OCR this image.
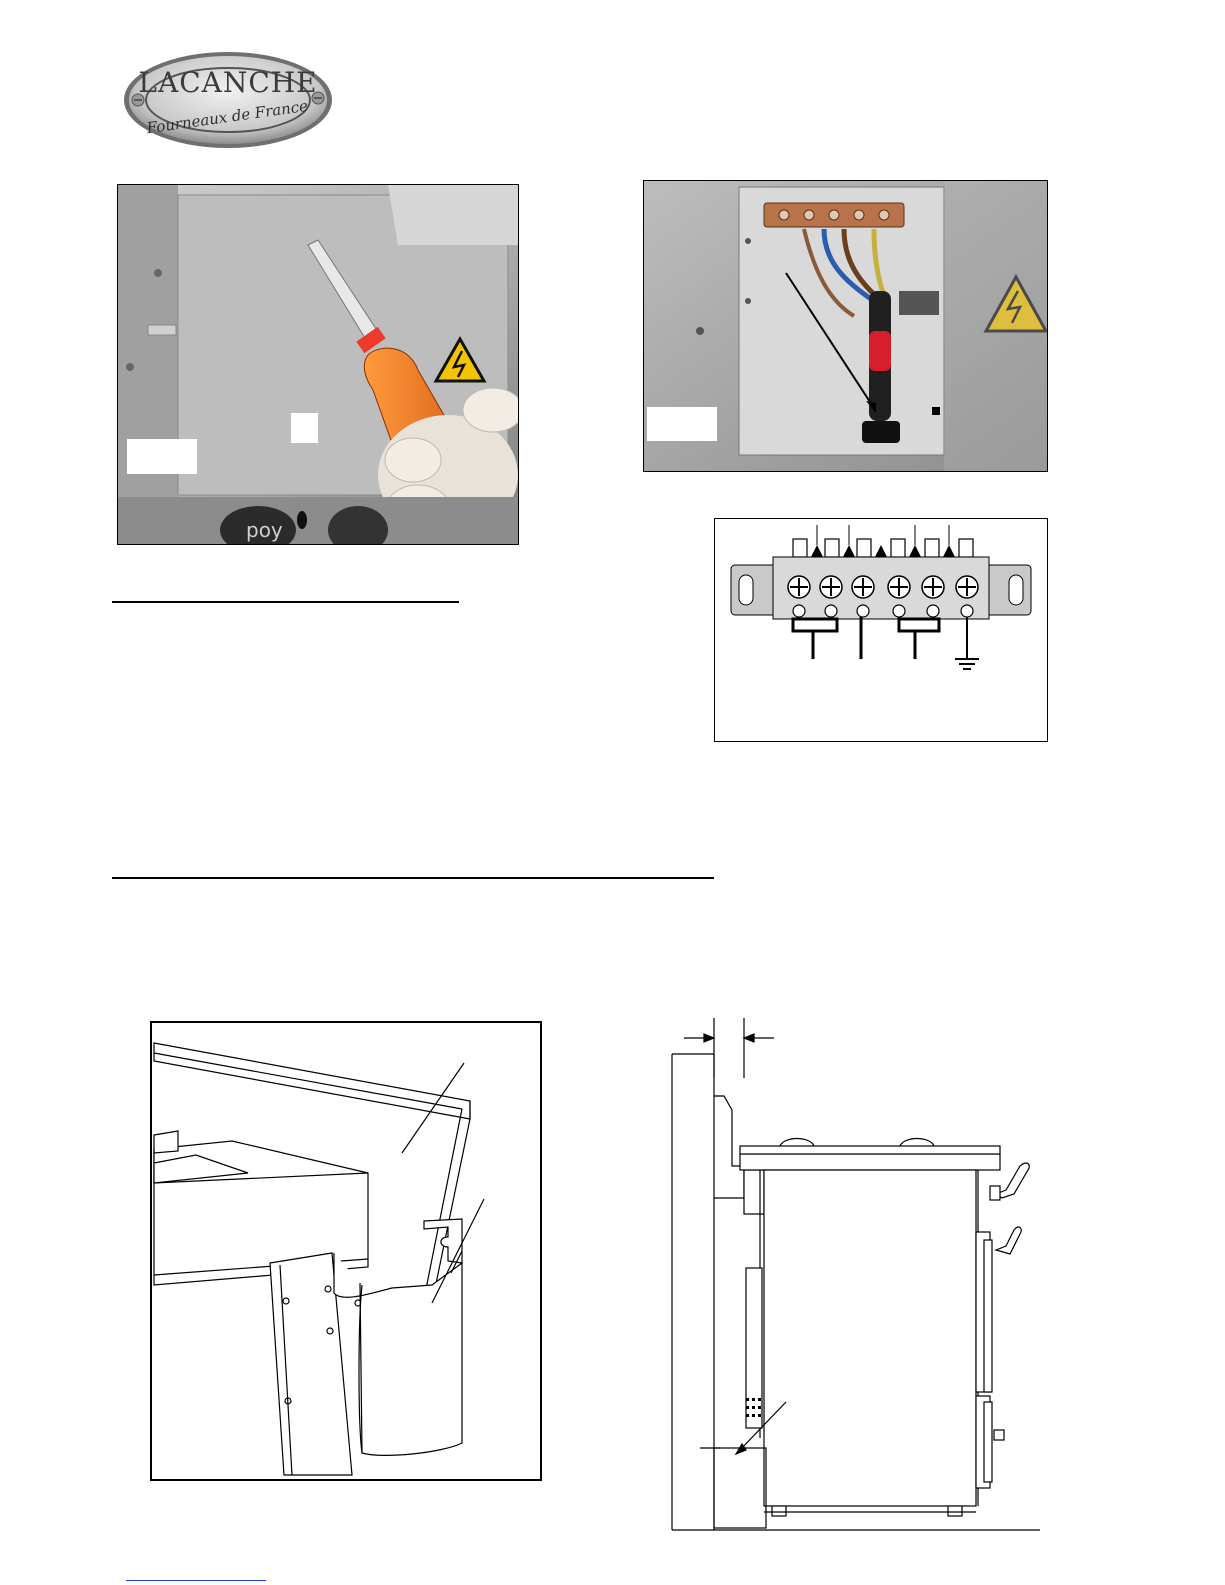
LACANCHE
Fourneaux de France
poy
